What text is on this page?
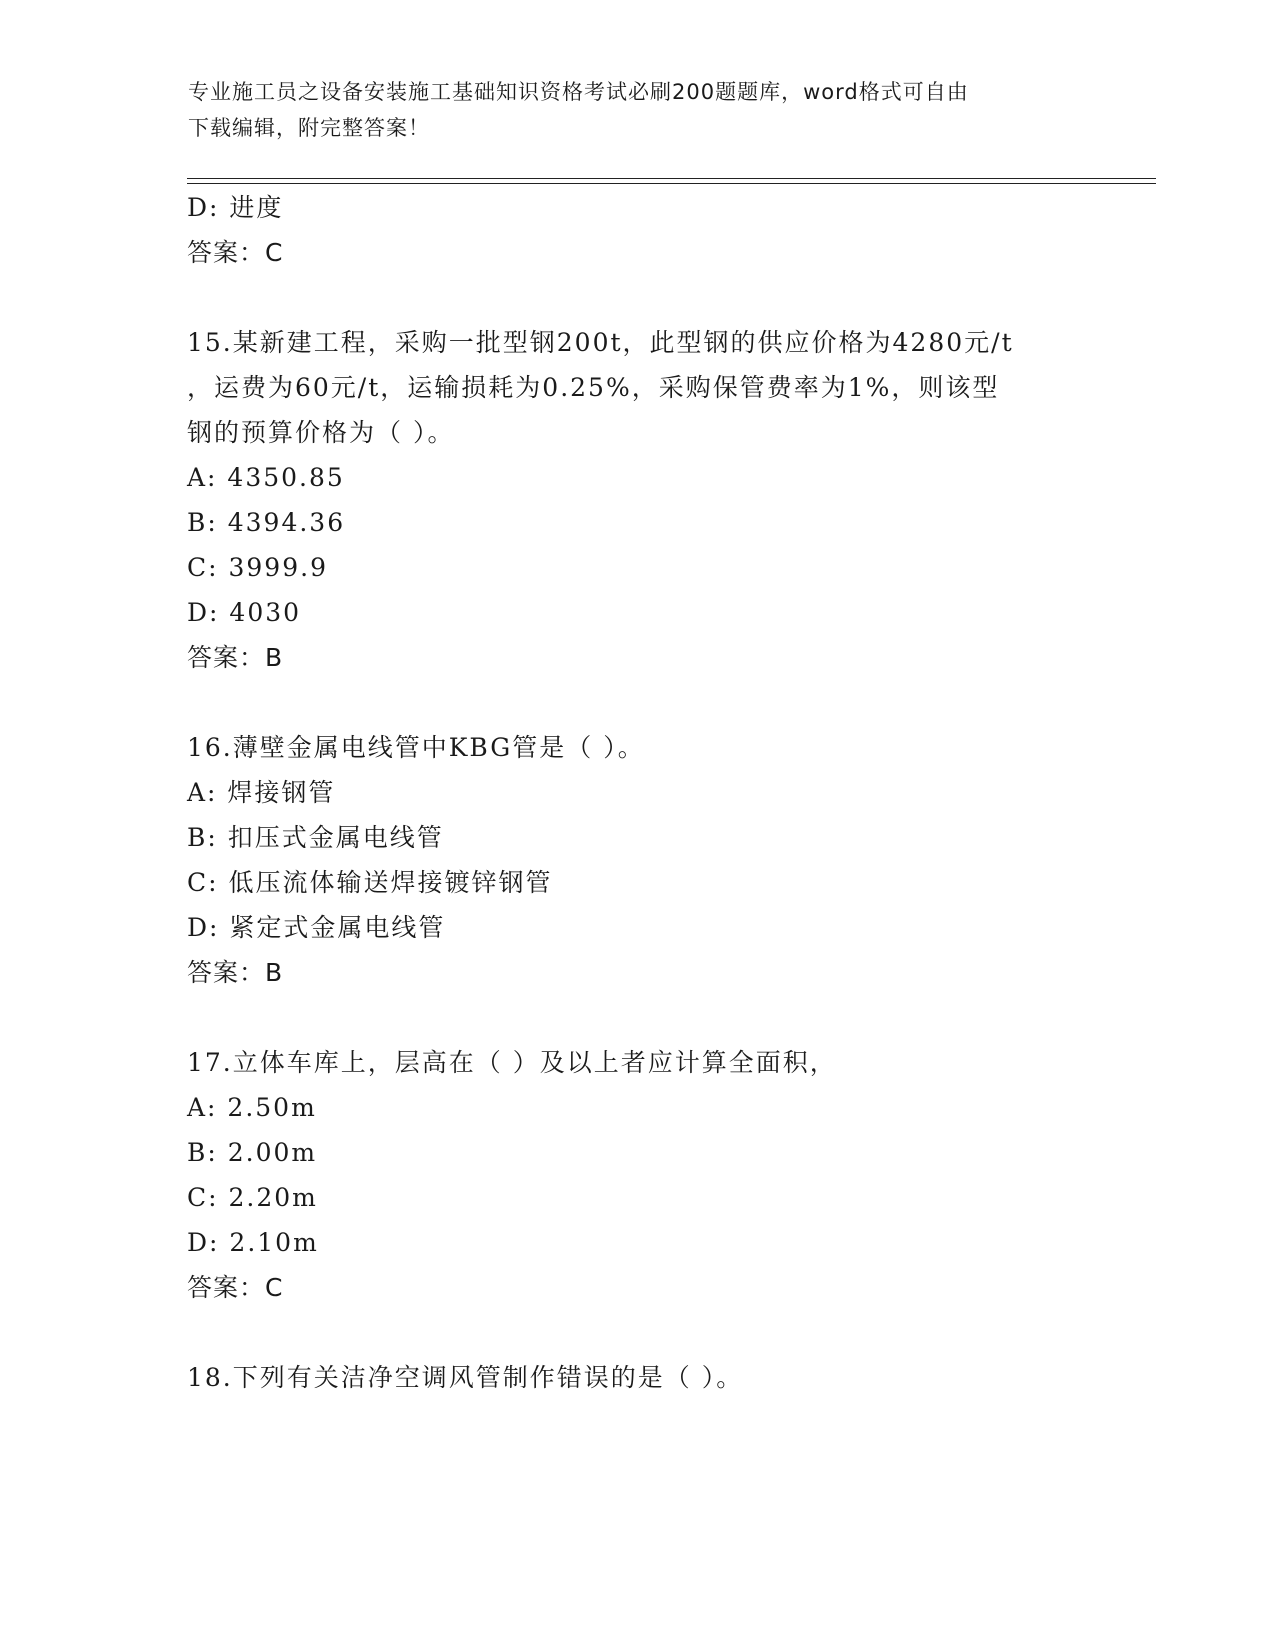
专业施工员之设备安装施工基础知识资格考试必刷200题题库，word格式可自由
下载编辑，附完整答案！
D: 进度
答案：C
15.某新建工程，采购一批型钢200t，此型钢的供应价格为4280元/t
，运费为60元/t，运输损耗为0.25%，采购保管费率为1%，则该型
钢的预算价格为（ ）。
A: 4350.85
B: 4394.36
C: 3999.9
D: 4030
答案：B
16.薄壁金属电线管中KBG管是（ ）。
A: 焊接钢管
B: 扣压式金属电线管
C: 低压流体输送焊接镀锌钢管
D: 紧定式金属电线管
答案：B
17.立体车库上，层高在（ ）及以上者应计算全面积，
A: 2.50m
B: 2.00m
C: 2.20m
D: 2.10m
答案：C
18.下列有关洁净空调风管制作错误的是（ ）。
